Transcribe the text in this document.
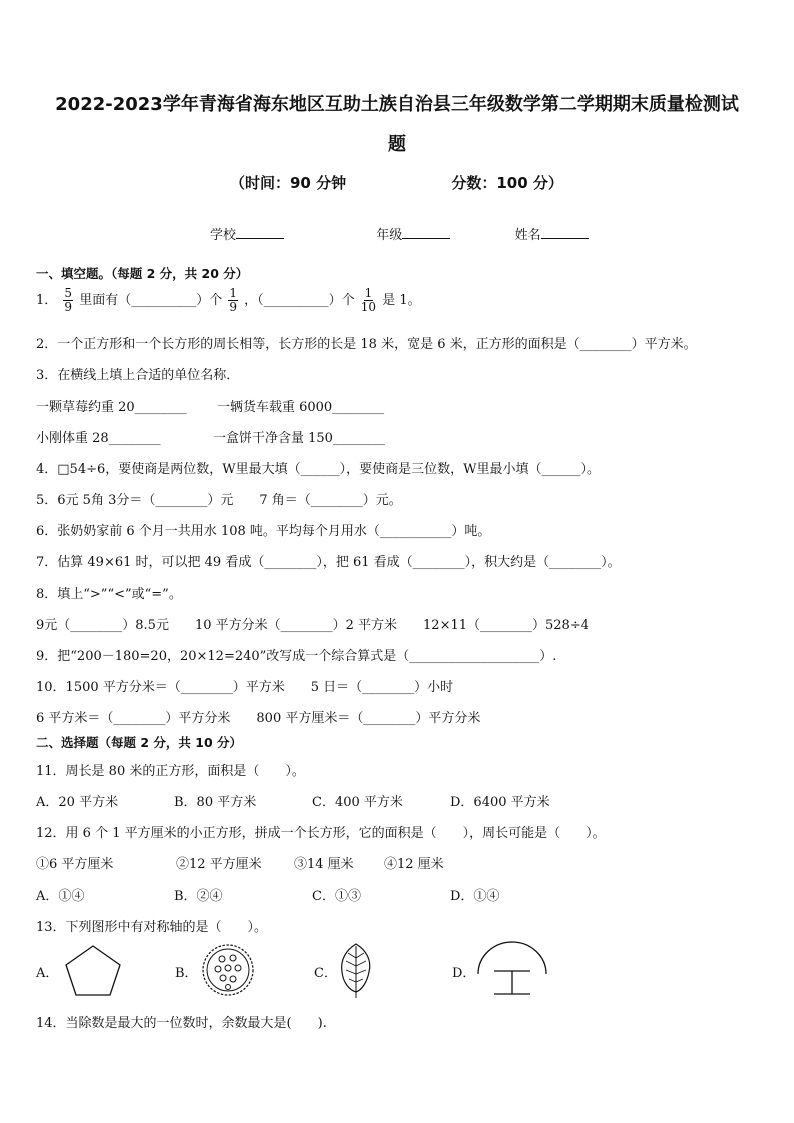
2022-2023学年青海省海东地区互助土族自治县三年级数学第二学期期末质量检测试
题
（时间：90 分钟	分数：100 分）
学校	年级	姓名
一、填空题。（每题 2 分，共 20 分）
1． $\frac{5}{9}$ 里面有（__________）个 $\frac{1}{9}$ ，（__________）个 $\frac{1}{10}$ 是 1。
2．一个正方形和一个长方形的周长相等，长方形的长是 18 米，宽是 6 米，正方形的面积是（________）平方米。
3．在横线上填上合适的单位名称．
一颗草莓约重 20________ 一辆货车载重 6000________
小刚体重 28________	一盒饼干净含量 150________
4．□54÷6，要使商是两位数，W里最大填（______），要使商是三位数，W里最小填（______）。
5．6元 5角 3分＝（________）元　　7 角＝（________）元。
6．张奶奶家前 6 个月一共用水 108 吨。平均每个月用水（___________）吨。
7．估算 49×61 时，可以把 49 看成（________），把 61 看成（________），积大约是（________）。
8．填上“>”“<”或“=”。
9元（________）8.5元　　10 平方分米（________）2 平方米　　12×11（________）528÷4
9．把“200－180=20，20×12=240”改写成一个综合算式是（____________________）.
10．1500 平方分米＝（________）平方米　　5 日＝（________）小时
6 平方米＝（________）平方分米　　800 平方厘米＝（________）平方分米
二、选择题（每题 2 分，共 10 分）
11．周长是 80 米的正方形，面积是（　　）。
A．20 平方米	B．80 平方米	C．400 平方米	D．6400 平方米
12．用 6 个 1 平方厘米的小正方形，拼成一个长方形，它的面积是（　　），周长可能是（　　）。
①6 平方厘米	②12 平方厘米 ③14 厘米 ④12 厘米
A．①④	B．②④	C．①③	D．①④
13．下列图形中有对称轴的是（　　）。
A．	B．	C．	D．
14．当除数是最大的一位数时，余数最大是(　　).
